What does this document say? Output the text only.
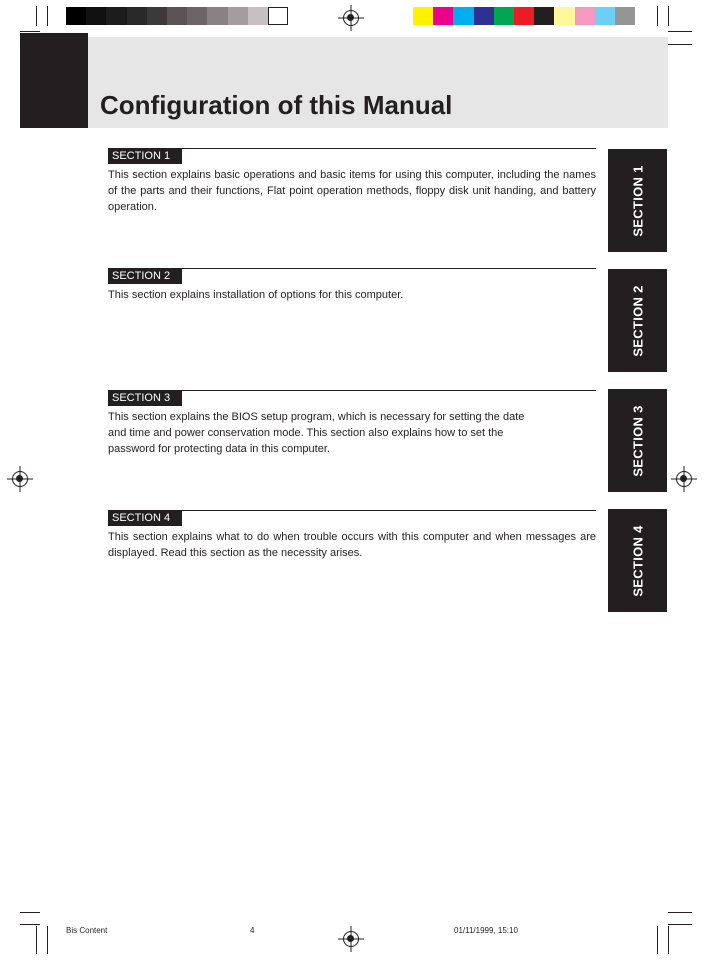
Configuration of this Manual
SECTION 1
This section explains basic operations and basic items for using this computer, including the names of the parts and their functions, Flat point operation methods, floppy disk unit handing, and battery operation.
SECTION 2
This section explains installation of options for this computer.
SECTION 3
This section explains the BIOS setup program, which is necessary for setting the date and time and power conservation mode. This section also explains how to set the password for protecting data in this computer.
SECTION 4
This section explains what to do when trouble occurs with this computer and when messages are displayed. Read this section as the necessity arises.
SECTION 1
SECTION 2
SECTION 3
SECTION 4
Bis Content	4	01/11/1999, 15:10
